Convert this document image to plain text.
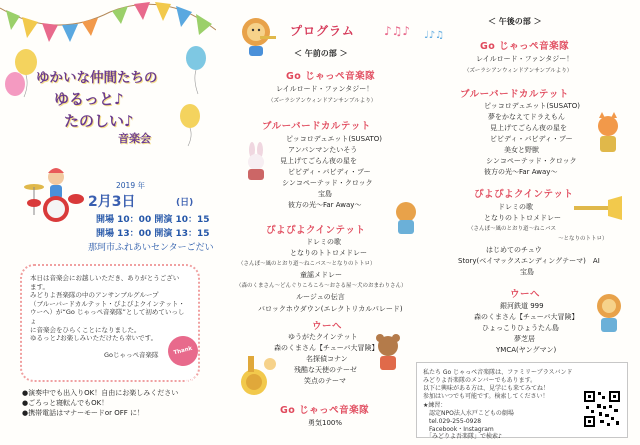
ゆかいな仲間たちの
ゆるっと♪
たのしい♪
音楽会
2019 年
2月3日	(日)
開場 10：00 開演 10：15
開場 13：00 開演 13：15
那珂市ふれあいセンターごだい

本日は音楽会にお越しいただき、ありがとうござい

ます。

みどりよ吾楽隊の中のアンサンブルグループ

（ブルーバードカルテット・ぴよぴよクインテット・

ウーへ）が“Go じゃっぺ音楽隊”として初めていっしょ

に音楽会をひらくことになりました。

ゆるっと♪お楽しみいただけたら幸いです。

Goじゃっぺ音楽隊	Thank you
●演奏中でも出入りOK！自由にお楽しみください
●ごろっと寝転んでもOK！
●携帯電話はマナーモードor OFF に！
プログラム
＜ 午前の部 ＞
Go じゃっぺ音楽隊
レイルロード・ファンタジー！
（ズーラシアンウィンドアンサンブルより）
ブルーバードカルテット
ピッコロデュエット(SUSATO)
アンパンマンたいそう
見上げてごらん夜の星を
ビビディ・バビディ・ブー
シンコペーテッド・クロック
宝島
彼方の光〜Far Away〜
ぴよぴよクインテット
ドレミの歌
となりのトトロメドレー
（さんぽ〜風のとおり道〜ねこバス〜となりのトトロ）
童謡メドレー
（森のくまさん〜どんぐりころころ〜おさる屋〜犬のおまわりさん）
ルージュの伝言
バロックホウダウン(エレクトリカルパレード)
ウーへ
ゆうがたクインテット
森のくまさん【チューバ大冒険】
名探偵コナン
残酷な天使のテーゼ
笑点のテーマ
Go じゃっぺ音楽隊
勇気100%
♪♫♪ ♩♪♫
＜ 午後の部 ＞
Go じゃっぺ音楽隊
レイルロード・ファンタジー！
（ズーラシアンウィンドアンサンブルより）
ブルーバードカルテット
ピッコロデュエット(SUSATO)
夢をかなえてドラえもん
見上げてごらん夜の星を
ビビディ・バビディ・ブー
美女と野獣
シンコペーテッド・クロック
彼方の光〜Far Away〜
ぴよぴよクインテット
ドレミの歌
となりのトトロメドレー
（さんぽ〜風のとおり道〜ねこバス
〜となりのトトロ）
はじめてのチュウ
Story(ベイマックスエンディングテーマ)　AI
宝島
ウーへ
銀河鉄道 999
森のくまさん【チューバ大冒険】
ひょっこりひょうたん島
夢芝居
YMCA(ヤングマン)
私たち Go じゃっぺ音楽隊は、ファミリーブラスバンド
みどりよ吾楽隊のメンバーでもあります。
以下に興味がある方は、見学にも来てみてね！
参加はいつでも可能です。検索してください！
★練習：
　認定NPO法人水戸こどもの劇場
　tel.029-255-0928
　Facebook・Instagram
　「みどりよ吾楽隊」で検索♪
